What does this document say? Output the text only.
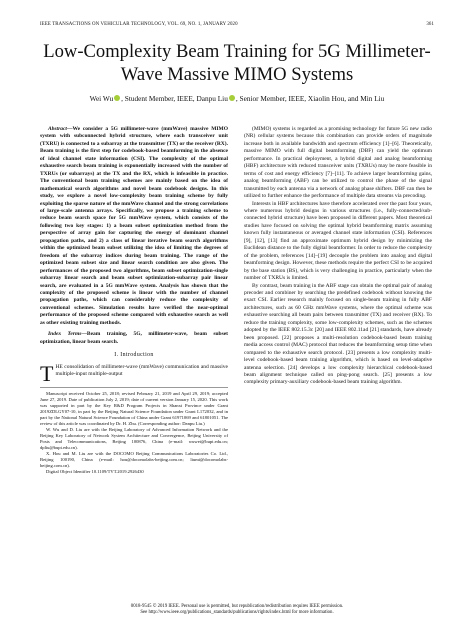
IEEE TRANSACTIONS ON VEHICULAR TECHNOLOGY, VOL. 69, NO. 1, JANUARY 2020	361
Low-Complexity Beam Training for 5G Millimeter-Wave Massive MIMO Systems
Wei Wu , Student Member, IEEE, Danpu Liu , Senior Member, IEEE, Xiaolin Hou, and Min Liu

Abstract—We consider a 5G millimeter-wave (mmWave) massive MIMO system with subconnected hybrid structure, where each transceiver unit (TXRU) is connected to a subarray at the transmitter (TX) or the receiver (RX). Beam training is the first step for codebook-based beamforming in the absence of ideal channel state information (CSI). The complexity of the optimal exhaustive search beam training is exponentially increased with the number of TXRUs (or subarrays) at the TX and the RX, which is infeasible in practice. The conventional beam training schemes are mainly based on the idea of mathematical search algorithms and novel beam codebook designs. In this study, we explore a novel low-complexity beam training scheme by fully exploiting the sparse nature of the mmWave channel and the strong correlations of large-scale antenna arrays. Specifically, we propose a training scheme to reduce beam search space for 5G mmWave system, which consists of the following two key stages: 1) a beam subset optimization method from the perspective of array gain for capturing the energy of dominant channel propagation paths, and 2) a class of linear iterative beam search algorithms within the optimized beam subset utilizing the idea of limiting the degrees of freedom of the subarray indices during beam training. The range of the optimized beam subset size and linear search condition are also given. The performances of the proposed two algorithms, beam subset optimization-single subarray linear search and beam subset optimization-subarray pair linear search, are evaluated in a 5G mmWave system. Analysis has shown that the complexity of the proposed scheme is linear with the number of channel propagation paths, which can considerably reduce the complexity of conventional schemes. Simulation results have verified the near-optimal performance of the proposed scheme compared with exhaustive search as well as other existing training methods.

Index Terms—Beam training, 5G, millimeter-wave, beam subset optimization, linear beam search.

I. Introduction

THE consolidation of millimeter-wave (mmWave) communication and massive multiple-input multiple-output

Manuscript received October 25, 2018; revised February 21, 2019 and April 29, 2019; accepted June 27, 2019. Date of publication July 2, 2019; date of current version January 15, 2020. This work was supported in part by the Key R&D Program Projects in Shanxi Province under Grant 2019ZDLGY07-10, in part by the Beijing Natural Science Foundation under Grant L172032, and in part by the National Natural Science Foundation of China under Grant 61971069 and 61801051. The review of this article was coordinated by Dr. H. Zhu. (Corresponding author: Danpu Liu.)

W. Wu and D. Liu are with the Beijing Laboratory of Advanced Information Network and the Beijing Key Laboratory of Network System Architecture and Convergence, Beijing University of Posts and Telecommunications, Beijing 100876, China (e-mail: wuwei@bupt.edu.cn; dpliu@bupt.edu.cn).

X. Hou and M. Liu are with the DOCOMO Beijing Communications Laboratories Co. Ltd., Beijing 100190, China (e-mail: hou@docomolabs-beijing.com.cn; liumi@docomolabs-beijing.com.cn).

Digital Object Identifier 10.1109/TVT.2019.2926430

(MIMO) systems is regarded as a promising technology for future 5G new radio (NR) cellular systems because this combination can provide orders of magnitude increase both in available bandwidth and spectrum efficiency [1]–[6]. Theoretically, massive MIMO with full digital beamforming (DBF) can yield the optimum performance. In practical deployment, a hybrid digital and analog beamforming (HBF) architecture with reduced transceiver units (TXRUs) may be more feasible in terms of cost and energy efficiency [7]–[11]. To achieve larger beamforming gains, analog beamforming (ABF) can be utilized to control the phase of the signal transmitted by each antenna via a network of analog phase shifters. DBF can then be utilized to further enhance the performance of multiple data streams via precoding.

Interests in HBF architectures have therefore accelerated over the past four years, where numerous hybrid designs in various structures (i.e., fully-connected/sub-connected hybrid structure) have been proposed in different papers. Most theoretical studies have focused on solving the optimal hybrid beamforming matrix assuming known fully instantaneous or averaged channel state information (CSI). References [9], [12], [13] find an approximate optimum hybrid design by minimizing the Euclidean distance to the fully digital beamformer. In order to reduce the complexity of the problem, references [14]–[19] decouple the problem into analog and digital beamforming design. However, these methods require the perfect CSI to be acquired by the base station (BS), which is very challenging in practice, particularly when the number of TXRUs is limited.

By contrast, beam training in the ABF stage can obtain the optimal pair of analog precoder and combiner by searching the predefined codebook without knowing the exact CSI. Earlier research mainly focused on single-beam training in fully ABF architectures, such as 60 GHz mmWave systems, where the optimal scheme was exhaustive searching all beam pairs between transmitter (TX) and receiver (RX). To reduce the training complexity, some low-complexity schemes, such as the schemes adopted by the IEEE 802.15.3c [20] and IEEE 802.11ad [21] standards, have already been proposed. [22] proposes a multi-resolution codebook-based beam training media access control (MAC) protocol that reduces the beamforming setup time when compared to the exhaustive search protocol. [23] presents a low complexity multi-level codebook-based beam training algorithm, which is based on level-adaptive antenna selection. [24] develops a low complexity hierarchical codebook-based beam alignment technique called on ping-pong search. [25] presents a low complexity primary-auxiliary codebook-based beam training algorithm.

0018-9545 © 2019 IEEE. Personal use is permitted, but republication/redistribution requires IEEE permission.
See http://www.ieee.org/publications_standards/publications/rights/index.html for more information.
